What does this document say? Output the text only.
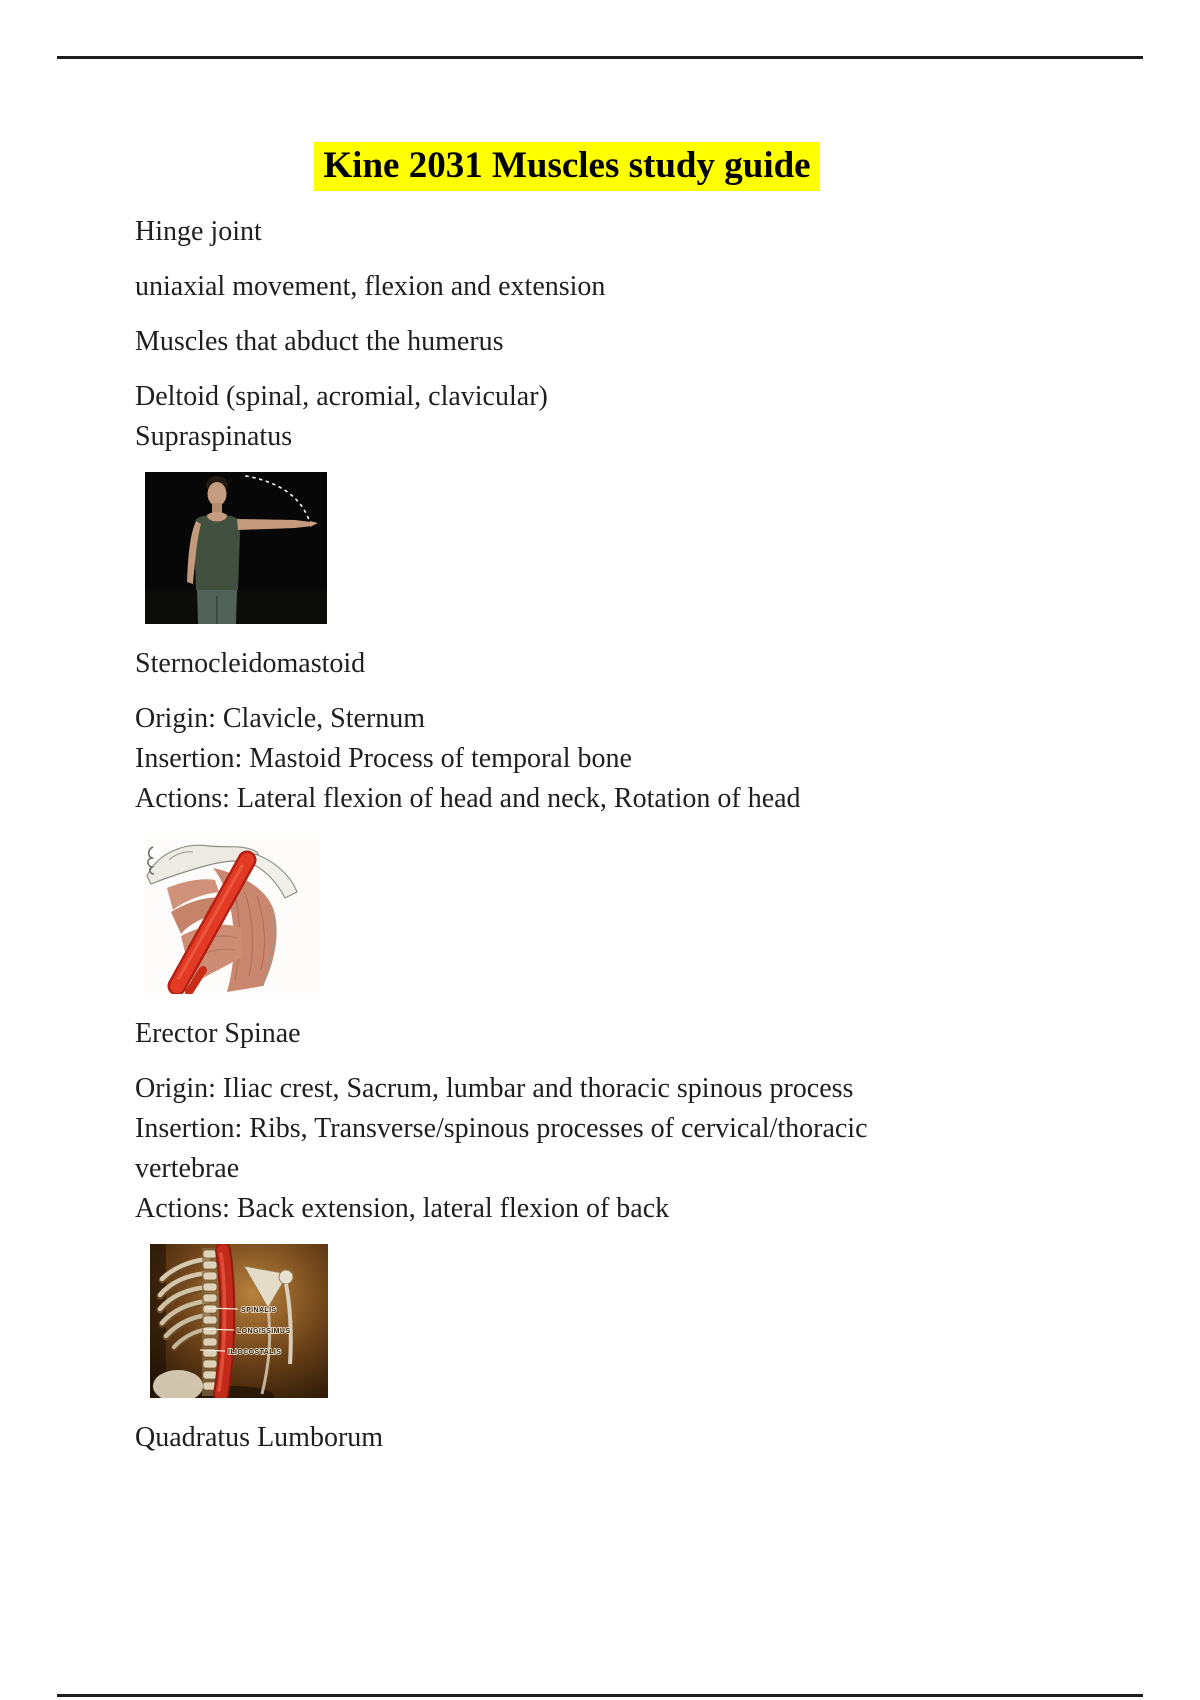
Kine 2031 Muscles study guide

Hinge joint

uniaxial movement, flexion and extension

Muscles that abduct the humerus

Deltoid (spinal, acromial, clavicular)
Supraspinatus

Sternocleidomastoid

Origin: Clavicle, Sternum
Insertion: Mastoid Process of temporal bone
Actions: Lateral flexion of head and neck, Rotation of head

Erector Spinae

Origin: Iliac crest, Sacrum, lumbar and thoracic spinous process
Insertion: Ribs, Transverse/spinous processes of cervical/thoracic
vertebrae
Actions: Back extension, lateral flexion of back

SPINALIS
LONGISSIMUS
ILIOCOSTALIS

Quadratus Lumborum
